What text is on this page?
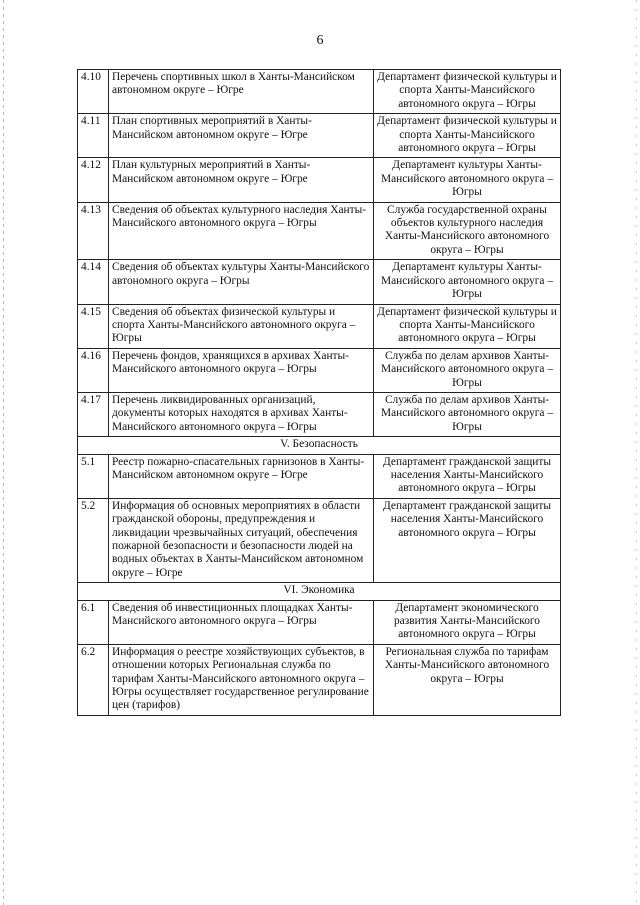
6
4.10	Перечень спортивных школ в Ханты-Мансийском автономном округе – Югре	Департамент физической культуры и спорта Ханты-Мансийского автономного округа – Югры
4.11	План спортивных мероприятий в Ханты-Мансийском автономном округе – Югре	Департамент физической культуры и спорта Ханты-Мансийского автономного округа – Югры
4.12	План культурных мероприятий в Ханты-Мансийском автономном округе – Югре	Департамент культуры Ханты-Мансийского автономного округа – Югры
4.13	Сведения об объектах культурного наследия Ханты-Мансийского автономного округа – Югры	Служба государственной охраны объектов культурного наследия Ханты-Мансийского автономного округа – Югры
4.14	Сведения об объектах культуры Ханты-Мансийского автономного округа – Югры	Департамент культуры Ханты-Мансийского автономного округа – Югры
4.15	Сведения об объектах физической культуры и спорта Ханты-Мансийского автономного округа – Югры	Департамент физической культуры и спорта Ханты-Мансийского автономного округа – Югры
4.16	Перечень фондов, хранящихся в архивах Ханты-Мансийского автономного округа – Югры	Служба по делам архивов Ханты-Мансийского автономного округа – Югры
4.17	Перечень ликвидированных организаций, документы которых находятся в архивах Ханты-Мансийского автономного округа – Югры	Служба по делам архивов Ханты-Мансийского автономного округа – Югры
V. Безопасность		
5.1	Реестр пожарно-спасательных гарнизонов в Ханты-Мансийском автономном округе – Югре	Департамент гражданской защиты населения Ханты-Мансийского автономного округа – Югры
5.2	Информация об основных мероприятиях в области гражданской обороны, предупреждения и ликвидации чрезвычайных ситуаций, обеспечения пожарной безопасности и безопасности людей на водных объектах в Ханты-Мансийском автономном округе – Югре	Департамент гражданской защиты населения Ханты-Мансийского автономного округа – Югры
VI. Экономика		
6.1	Сведения об инвестиционных площадках Ханты-Мансийского автономного округа – Югры	Департамент экономического развития Ханты-Мансийского автономного округа – Югры
6.2	Информация о реестре хозяйствующих субъектов, в отношении которых Региональная служба по тарифам Ханты-Мансийского автономного округа – Югры осуществляет государственное регулирование цен (тарифов)	Региональная служба по тарифам Ханты-Мансийского автономного округа – Югры
